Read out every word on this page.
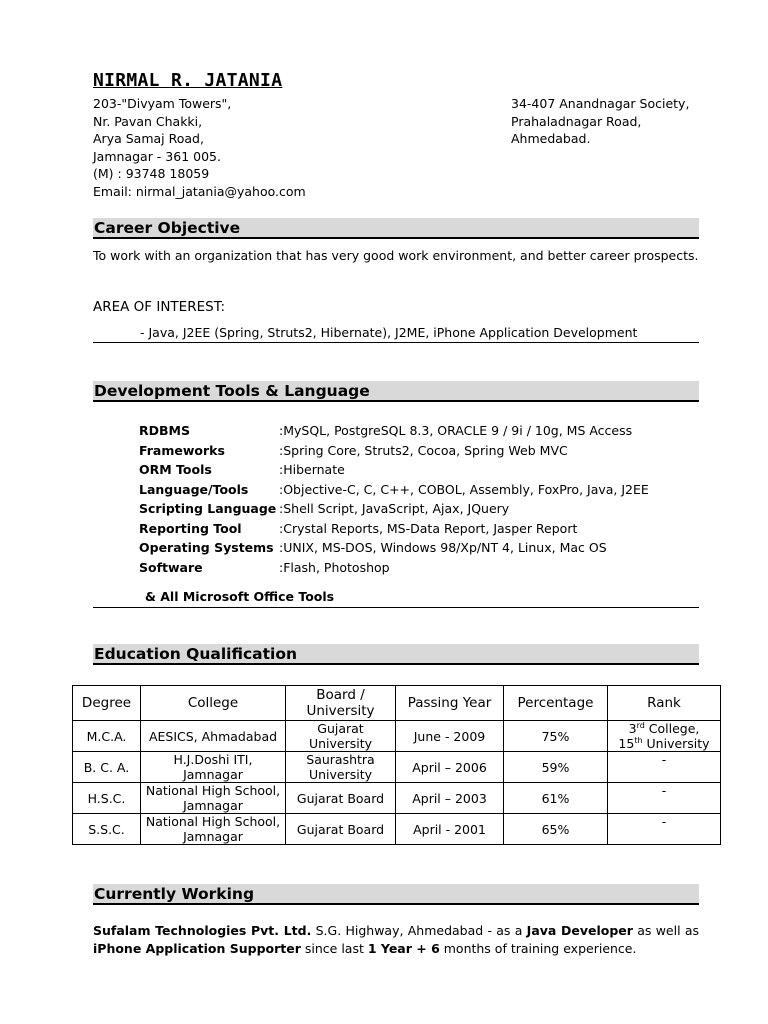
NIRMAL R. JATANIA
203-"Divyam Towers",
Nr. Pavan Chakki,
Arya Samaj Road,
Jamnagar - 361 005.
(M) : 93748 18059
Email: nirmal_jatania@yahoo.com
34-407 Anandnagar Society,
Prahaladnagar Road,
Ahmedabad.
Career Objective
To work with an organization that has very good work environment, and better career prospects.
AREA OF INTEREST:
- Java, J2EE (Spring, Struts2, Hibernate), J2ME, iPhone Application Development
Development Tools & Language
RDBMS	: MySQL, PostgreSQL 8.3, ORACLE 9 / 9i / 10g, MS Access
Frameworks	: Spring Core, Struts2, Cocoa, Spring Web MVC
ORM Tools	: Hibernate
Language/Tools	: Objective-C, C, C++, COBOL, Assembly, FoxPro, Java, J2EE
Scripting Language : Shell Script, JavaScript, Ajax, JQuery
Reporting Tool	: Crystal Reports, MS-Data Report, Jasper Report
Operating Systems : UNIX, MS-DOS, Windows 98/Xp/NT 4, Linux, Mac OS
Software	: Flash, Photoshop
& All Microsoft Office Tools
Education Qualification
Degree	College	Board / University	Passing Year	Percentage	Rank
M.C.A.	AESICS, Ahmadabad	Gujarat University	June - 2009	75%	3rd College,
15th University

B. C. A.	H.J.Doshi ITI, Jamnagar	Saurashtra University	April – 2006	59%	-
H.S.C.	National High School, Jamnagar	Gujarat Board	April – 2003	61%	-
S.S.C.	National High School, Jamnagar	Gujarat Board	April - 2001	65%	-
Currently Working
Sufalam Technologies Pvt. Ltd. S.G. Highway, Ahmedabad - as a Java Developer as well as iPhone Application Supporter since last 1 Year + 6 months of training experience.
